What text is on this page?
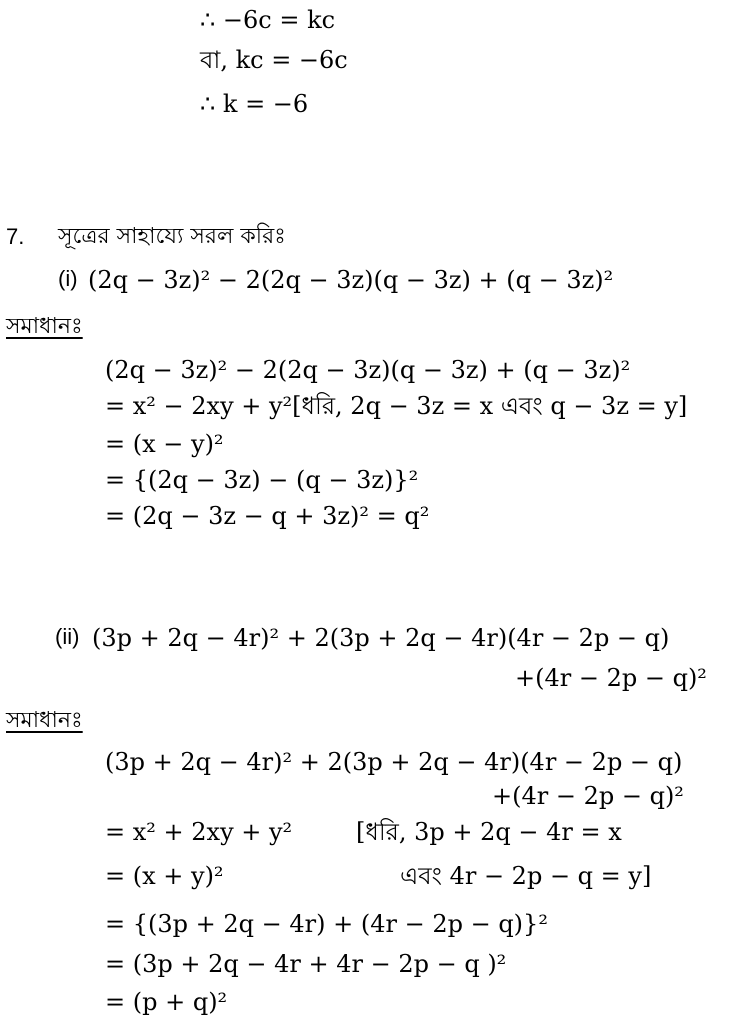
∴ −6c = kc
বা, kc = −6c
∴ k = −6
7. সূত্রের সাহায্যে সরল করিঃ
(i) (2q − 3z)² − 2(2q − 3z)(q − 3z) + (q − 3z)²
সমাধানঃ
(2q − 3z)² − 2(2q − 3z)(q − 3z) + (q − 3z)²
= x² − 2xy + y²[ধরি, 2q − 3z = x এবং q − 3z = y]
= (x − y)²
= {(2q − 3z) − (q − 3z)}²
= (2q − 3z − q + 3z)² = q²
(ii) (3p + 2q − 4r)² + 2(3p + 2q − 4r)(4r − 2p − q)
+(4r − 2p − q)²
সমাধানঃ
(3p + 2q − 4r)² + 2(3p + 2q − 4r)(4r − 2p − q)
+(4r − 2p − q)²
= x² + 2xy + y²	[ধরি, 3p + 2q − 4r = x
= (x + y)²	এবং 4r − 2p − q = y]
= {(3p + 2q − 4r) + (4r − 2p − q)}²
= (3p + 2q − 4r + 4r − 2p − q )²
= (p + q)²
